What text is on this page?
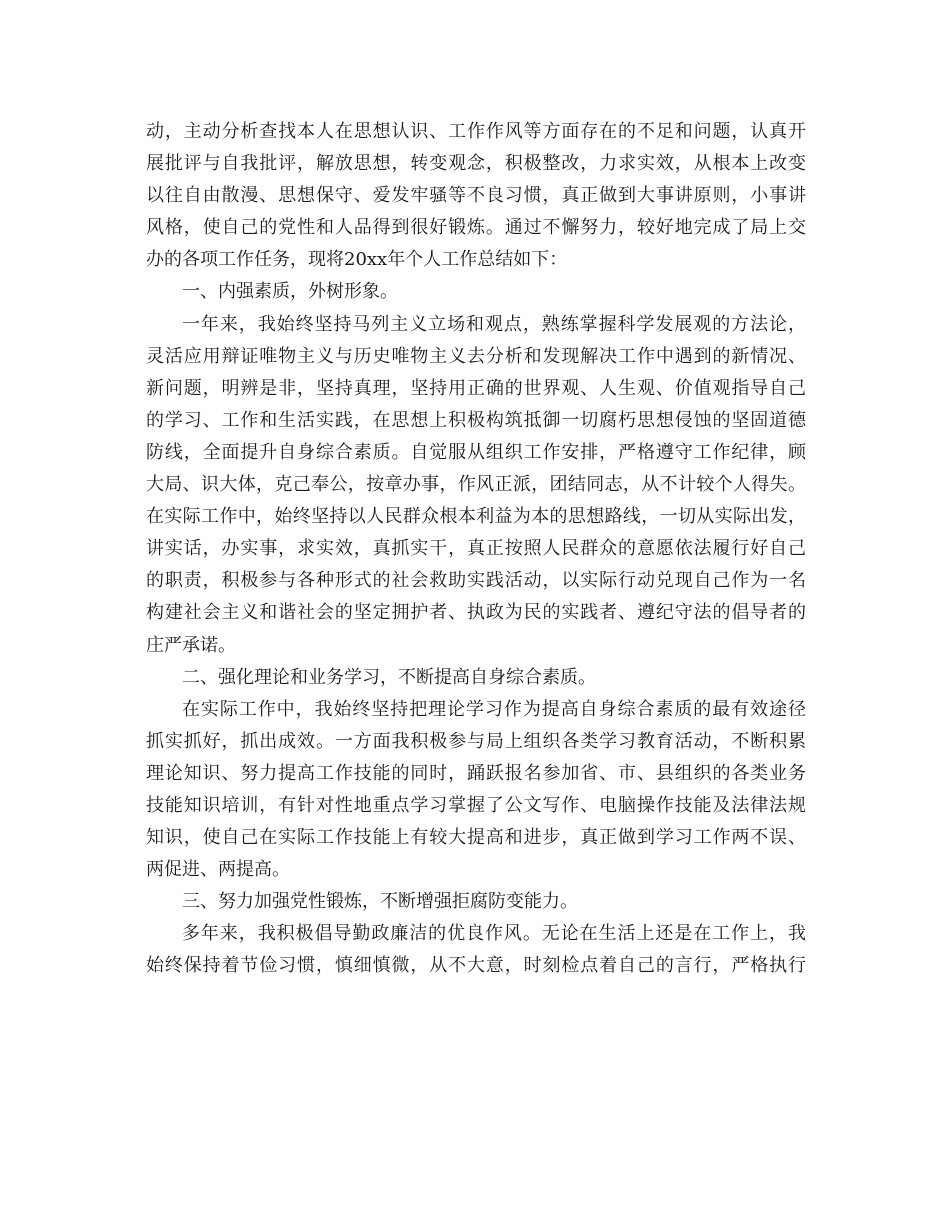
动，主动分析查找本人在思想认识、工作作风等方面存在的不足和问题，认真开
展批评与自我批评，解放思想，转变观念，积极整改，力求实效，从根本上改变
以往自由散漫、思想保守、爱发牢骚等不良习惯，真正做到大事讲原则，小事讲
风格，使自己的党性和人品得到很好锻炼。通过不懈努力，较好地完成了局上交
办的各项工作任务，现将20xx年个人工作总结如下：
一、内强素质，外树形象。
一年来，我始终坚持马列主义立场和观点，熟练掌握科学发展观的方法论，
灵活应用辩证唯物主义与历史唯物主义去分析和发现解决工作中遇到的新情况、
新问题，明辨是非，坚持真理，坚持用正确的世界观、人生观、价值观指导自己
的学习、工作和生活实践，在思想上积极构筑抵御一切腐朽思想侵蚀的坚固道德
防线，全面提升自身综合素质。自觉服从组织工作安排，严格遵守工作纪律，顾
大局、识大体，克己奉公，按章办事，作风正派，团结同志，从不计较个人得失。
在实际工作中，始终坚持以人民群众根本利益为本的思想路线，一切从实际出发，
讲实话，办实事，求实效，真抓实干，真正按照人民群众的意愿依法履行好自己
的职责，积极参与各种形式的社会救助实践活动，以实际行动兑现自己作为一名
构建社会主义和谐社会的坚定拥护者、执政为民的实践者、遵纪守法的倡导者的
庄严承诺。
二、强化理论和业务学习，不断提高自身综合素质。
在实际工作中，我始终坚持把理论学习作为提高自身综合素质的最有效途径
抓实抓好，抓出成效。一方面我积极参与局上组织各类学习教育活动，不断积累
理论知识、努力提高工作技能的同时，踊跃报名参加省、市、县组织的各类业务
技能知识培训，有针对性地重点学习掌握了公文写作、电脑操作技能及法律法规
知识，使自己在实际工作技能上有较大提高和进步，真正做到学习工作两不误、
两促进、两提高。
三、努力加强党性锻炼，不断增强拒腐防变能力。
多年来，我积极倡导勤政廉洁的优良作风。无论在生活上还是在工作上，我
始终保持着节俭习惯，慎细慎微，从不大意，时刻检点着自己的言行，严格执行
